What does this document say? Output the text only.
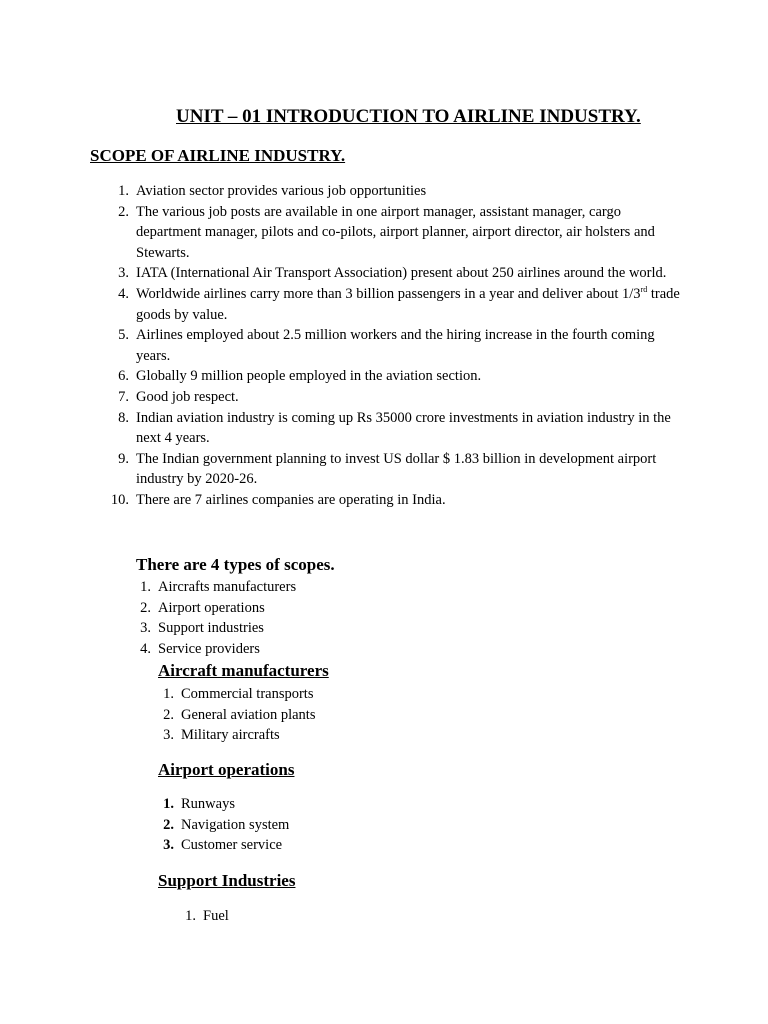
UNIT – 01 INTRODUCTION TO AIRLINE INDUSTRY.
SCOPE OF AIRLINE INDUSTRY.
1. Aviation sector provides various job opportunities
2. The various job posts are available in one airport manager, assistant manager, cargo department manager, pilots and co-pilots, airport planner, airport director, air holsters and Stewarts.
3. IATA (International Air Transport Association) present about 250 airlines around the world.
4. Worldwide airlines carry more than 3 billion passengers in a year and deliver about 1/3rd trade goods by value.
5. Airlines employed about 2.5 million workers and the hiring increase in the fourth coming years.
6. Globally 9 million people employed in the aviation section.
7. Good job respect.
8. Indian aviation industry is coming up Rs 35000 crore investments in aviation industry in the next 4 years.
9. The Indian government planning to invest US dollar $ 1.83 billion in development airport industry by 2020-26.
10. There are 7 airlines companies are operating in India.
There are 4 types of scopes.
1. Aircrafts manufacturers
2. Airport operations
3. Support industries
4. Service providers
Aircraft manufacturers
1. Commercial transports
2. General aviation plants
3. Military aircrafts
Airport operations
1. Runways
2. Navigation system
3. Customer service
Support Industries
1. Fuel
